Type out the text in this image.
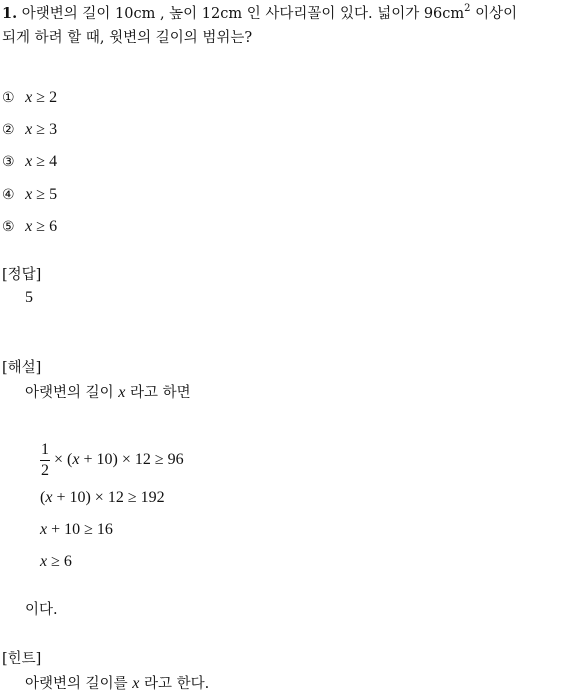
1. 아랫변의 길이 10cm , 높이 12cm 인 사다리꼴이 있다. 넓이가 $96cm^2$ 이상이
되게 하려 할 때, 윗변의 길이의 범위는?
① x ≥ 2
② x ≥ 3
③ x ≥ 4
④ x ≥ 5
⑤ x ≥ 6
[정답]
5
[해설]
아랫변의 길이 x 라고 하면
$\frac{1}{2} \times (x + 10) \times 12 \ge 96$
(x + 10) × 12 ≥ 192
x + 10 ≥ 16
x ≥ 6
이다.
[힌트]
아랫변의 길이를 x 라고 한다.
